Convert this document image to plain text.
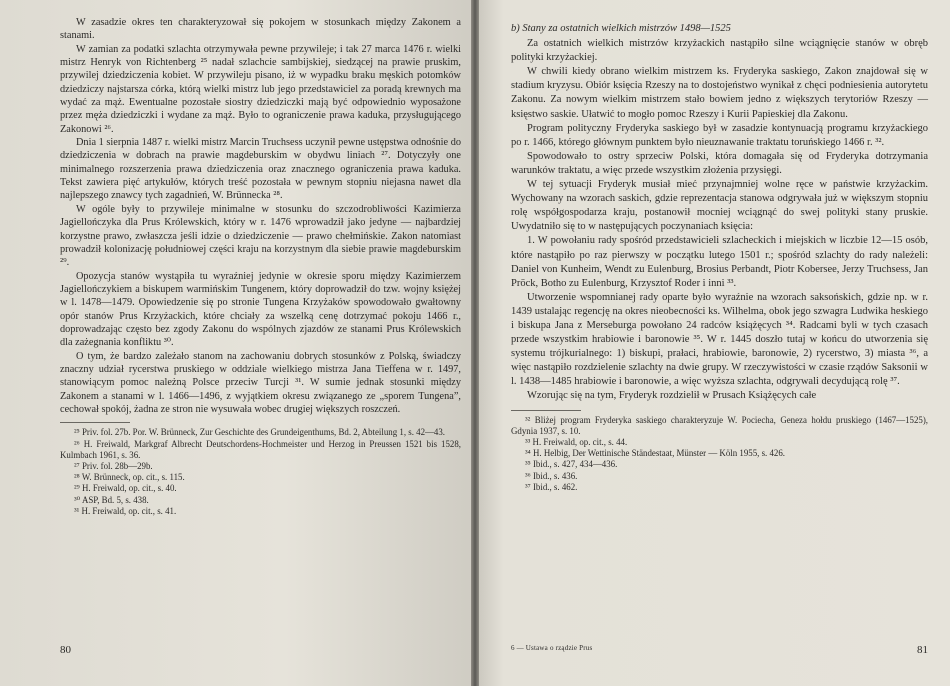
W zasadzie okres ten charakteryzował się pokojem w stosunkach między Zakonem a stanami.

W zamian za podatki szlachta otrzymywała pewne przywileje; i tak 27 marca 1476 r. wielki mistrz Henryk von Richtenberg ²⁵ nadał szlachcie sambijskiej, siedzącej na prawie pruskim, przywilej dziedziczenia kobiet. W przywileju pisano, iż w wypadku braku męskich potomków dziedziczy najstarsza córka, którą wielki mistrz lub jego przedstawiciel za poradą krewnych ma wydać za mąż. Ewentualne pozostałe siostry dziedziczki mają być odpowiednio wyposażone przez męża dziedziczki i wydane za mąż. Było to ograniczenie prawa kaduka, przysługującego Zakonowi ²⁶.

Dnia 1 sierpnia 1487 r. wielki mistrz Marcin Truchsess uczynił pewne ustępstwa odnośnie do dziedziczenia w dobrach na prawie magdeburskim w obydwu liniach ²⁷. Dotyczyły one minimalnego rozszerzenia prawa dziedziczenia oraz znacznego ograniczenia prawa kaduka. Tekst zawiera pięć artykułów, których treść pozostała w pewnym stopniu niejasna nawet dla najlepszego znawcy tych zagadnień, W. Brünnecka ²⁸.

W ogóle były to przywileje minimalne w stosunku do szczodrobliwości Kazimierza Jagiellończyka dla Prus Królewskich, który w r. 1476 wprowadził jako jedyne — najbardziej korzystne prawo, zwłaszcza jeśli idzie o dziedziczenie — prawo chełmińskie. Zakon natomiast prowadził kolonizację południowej części kraju na korzystnym dla siebie prawie magdeburskim ²⁹.

Opozycja stanów wystąpiła tu wyraźniej jedynie w okresie sporu między Kazimierzem Jagiellończykiem a biskupem warmińskim Tungenem, który doprowadził do tzw. wojny księżej w l. 1478—1479. Opowiedzenie się po stronie Tungena Krzyżaków spowodowało gwałtowny opór stanów Prus Krzyżackich, które chciały za wszelką cenę dotrzymać pokoju 1466 r., doprowadzając często bez zgody Zakonu do wspólnych zjazdów ze stanami Prus Królewskich dla zażegnania konfliktu ³⁰.

O tym, że bardzo zależało stanom na zachowaniu dobrych stosunków z Polską, świadczy znaczny udział rycerstwa pruskiego w oddziale wielkiego mistrza Jana Tieffena w r. 1497, stanowiącym pomoc należną Polsce przeciw Turcji ³¹. W sumie jednak stosunki między Zakonem a stanami w l. 1466—1496, z wyjątkiem okresu związanego ze „sporem Tungena”, cechował spokój, żadna ze stron nie wysuwała wobec drugiej większych roszczeń.

²⁵ Priv. fol. 27b. Por. W. Brünneck, Zur Geschichte des Grundeigenthums, Bd. 2, Abteilung 1, s. 42—43.

²⁶ H. Freiwald, Markgraf Albrecht Deutschordens-Hochmeister und Herzog in Preussen 1521 bis 1528, Kulmbach 1961, s. 36.

²⁷ Priv. fol. 28b—29b.

²⁸ W. Brünneck, op. cit., s. 115.

²⁹ H. Freiwald, op. cit., s. 40.

³⁰ ASP, Bd. 5, s. 438.

³¹ H. Freiwald, op. cit., s. 41.

80

b) Stany za ostatnich wielkich mistrzów 1498—1525

Za ostatnich wielkich mistrzów krzyżackich nastąpiło silne wciągnięcie stanów w obręb polityki krzyżackiej.

W chwili kiedy obrano wielkim mistrzem ks. Fryderyka saskiego, Zakon znajdował się w stadium kryzysu. Obiór księcia Rzeszy na to dostojeństwo wynikał z chęci podniesienia autorytetu Zakonu. Za nowym wielkim mistrzem stało bowiem jedno z większych terytoriów Rzeszy — księstwo saskie. Ułatwić to mogło pomoc Rzeszy i Kurii Papieskiej dla Zakonu.

Program polityczny Fryderyka saskiego był w zasadzie kontynuacją programu krzyżackiego po r. 1466, którego głównym punktem było nieuznawanie traktatu toruńskiego 1466 r. ³².

Spowodowało to ostry sprzeciw Polski, która domagała się od Fryderyka dotrzymania warunków traktatu, a więc przede wszystkim złożenia przysięgi.

W tej sytuacji Fryderyk musiał mieć przynajmniej wolne ręce w państwie krzyżackim. Wychowany na wzorach saskich, gdzie reprezentacja stanowa odgrywała już w większym stopniu rolę współgospodarza kraju, postanowił mocniej wciągnąć do swej polityki stany pruskie. Uwydatniło się to w następujących poczynaniach księcia:

1. W powołaniu rady spośród przedstawicieli szlacheckich i miejskich w liczbie 12—15 osób, które nastąpiło po raz pierwszy w początku lutego 1501 r.; spośród szlachty do rady należeli: Daniel von Kunheim, Wendt zu Eulenburg, Brosius Perbandt, Piotr Kobersee, Jerzy Truchsess, Jan Pröck, Botho zu Eulenburg, Krzysztof Roder i inni ³³.

Utworzenie wspomnianej rady oparte było wyraźnie na wzorach saksońskich, gdzie np. w r. 1439 ustalając regencję na okres nieobecności ks. Wilhelma, obok jego szwagra Ludwika heskiego i biskupa Jana z Merseburga powołano 24 radców książęcych ³⁴. Radcami byli w tych czasach przede wszystkim hrabiowie i baronowie ³⁵. W r. 1445 doszło tutaj w końcu do utworzenia się systemu trójkurialnego: 1) biskupi, prałaci, hrabiowie, baronowie, 2) rycerstwo, 3) miasta ³⁶, a więc nastąpiło rozdzielenie szlachty na dwie grupy. W rzeczywistości w czasie rządów Saksonii w l. 1438—1485 hrabiowie i baronowie, a więc wyższa szlachta, odgrywali decydującą rolę ³⁷.

Wzorując się na tym, Fryderyk rozdzielił w Prusach Książęcych całe

³² Bliżej program Fryderyka saskiego charakteryzuje W. Pociecha, Geneza hołdu pruskiego (1467—1525), Gdynia 1937, s. 10.

³³ H. Freiwald, op. cit., s. 44.

³⁴ H. Helbig, Der Wettinische Ständestaat, Münster — Köln 1955, s. 426.

³⁵ Ibid., s. 427, 434—436.

³⁶ Ibid., s. 436.

³⁷ Ibid., s. 462.

6 — Ustawa o rządzie Prus	81
